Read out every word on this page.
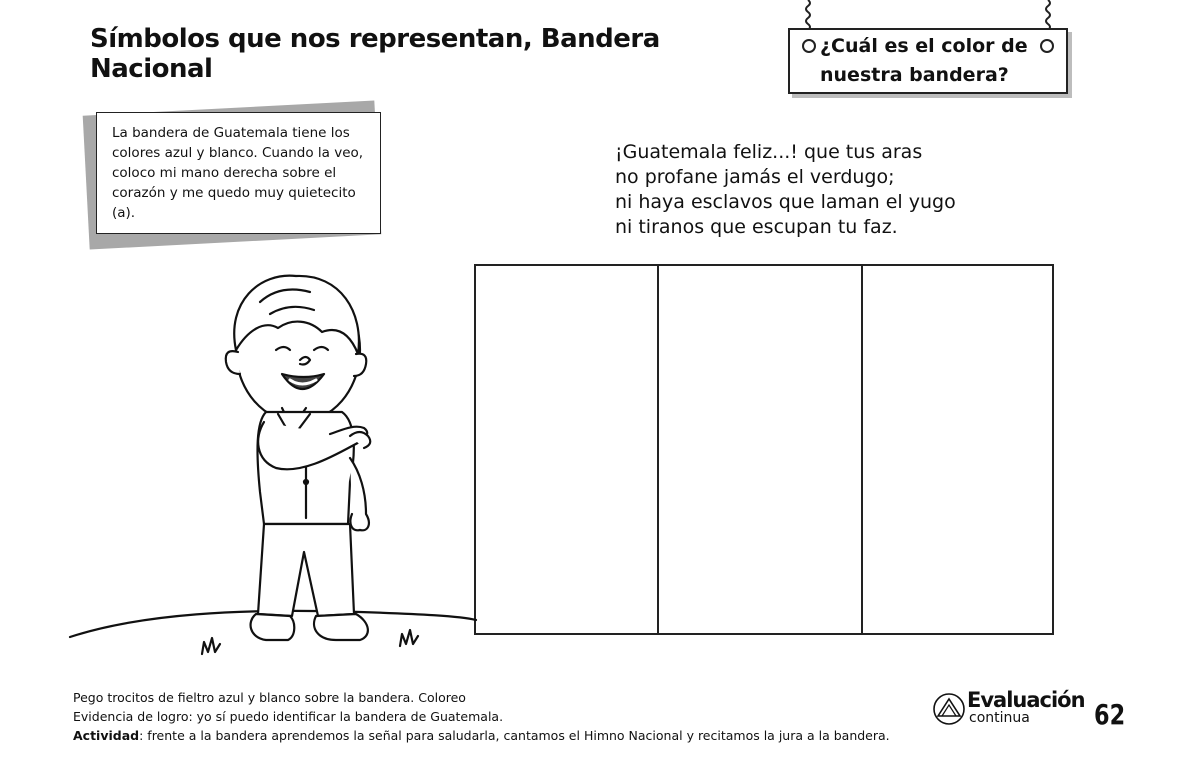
Símbolos que nos representan, Bandera Nacional
¿Cuál es el color de
nuestra bandera?
La bandera de Guatemala tiene los colores azul y blanco. Cuando la veo, coloco mi mano derecha sobre el corazón y me quedo muy quietecito (a).
¡Guatemala feliz...! que tus aras
no profane jamás el verdugo;
ni haya esclavos que laman el yugo
ni tiranos que escupan tu faz.
Pego trocitos de fieltro azul y blanco sobre la bandera. Coloreo
Evidencia de logro: yo sí puedo identificar la bandera de Guatemala.
Actividad: frente a la bandera aprendemos la señal para saludarla, cantamos el Himno Nacional y recitamos la jura a la bandera.
Evaluación
continua 62
